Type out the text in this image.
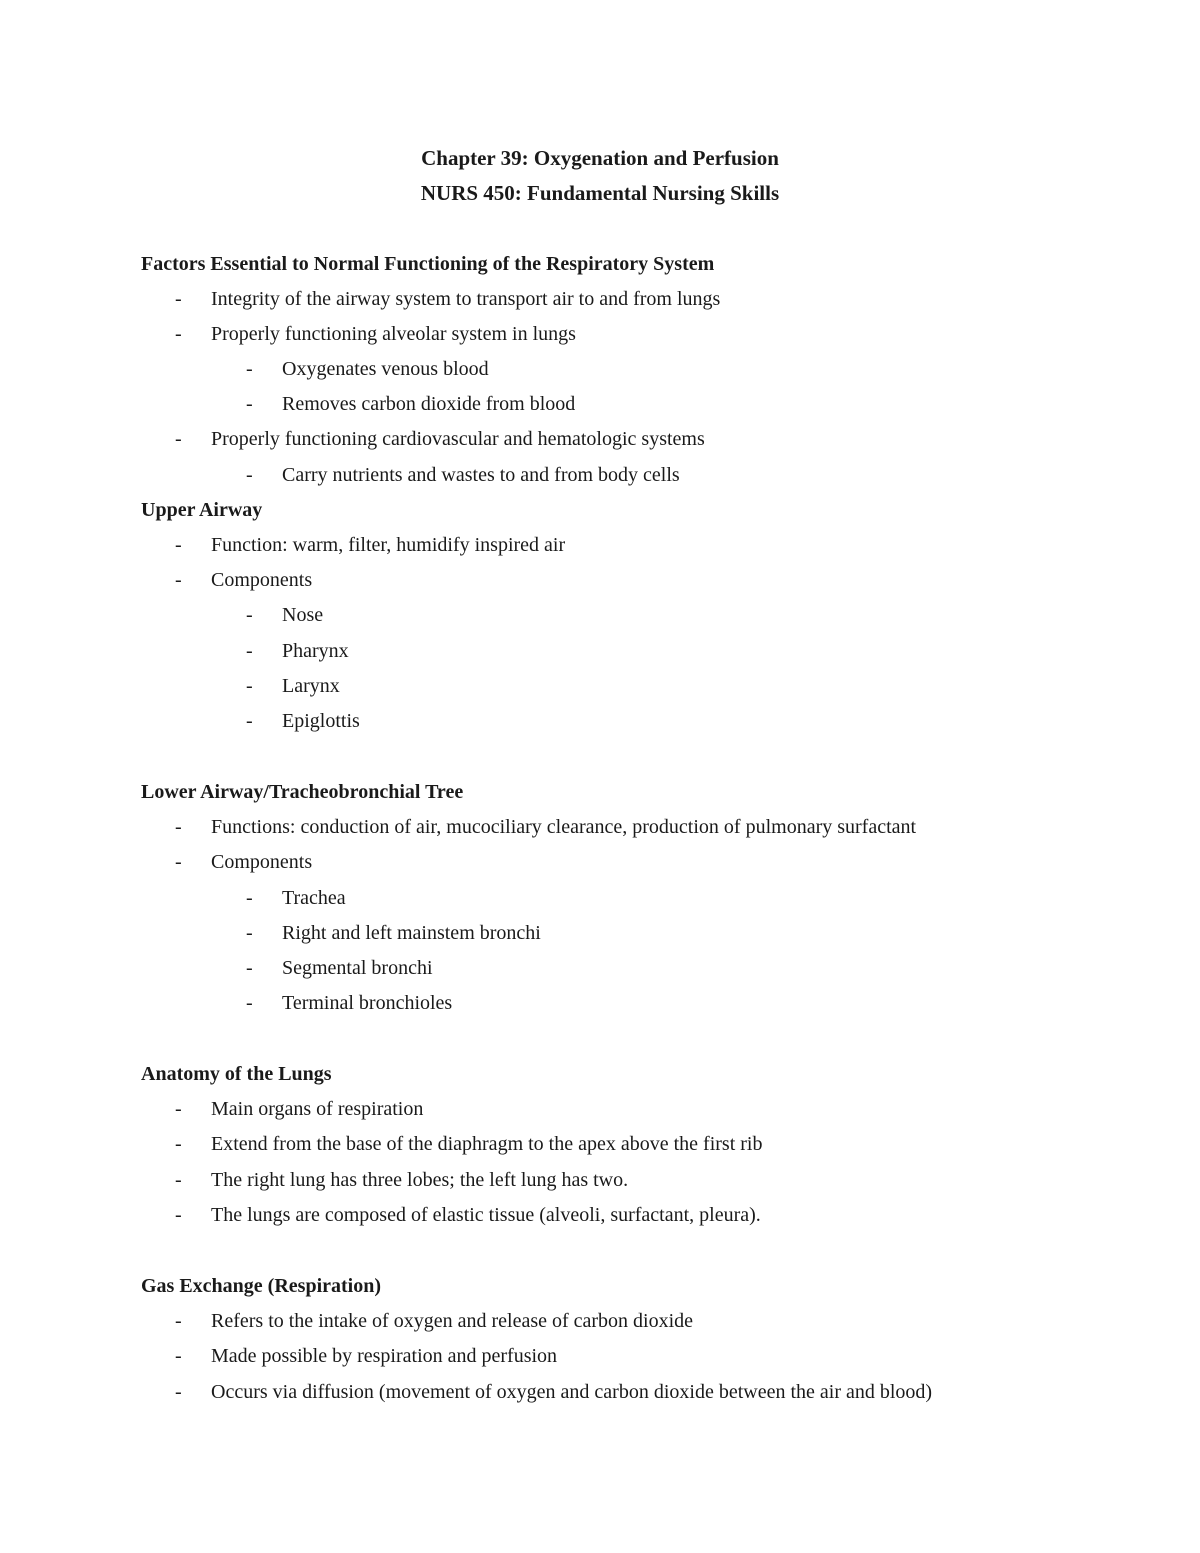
Chapter 39: Oxygenation and Perfusion
NURS 450: Fundamental Nursing Skills
Factors Essential to Normal Functioning of the Respiratory System
- Integrity of the airway system to transport air to and from lungs
- Properly functioning alveolar system in lungs
- Oxygenates venous blood
- Removes carbon dioxide from blood
- Properly functioning cardiovascular and hematologic systems
- Carry nutrients and wastes to and from body cells
Upper Airway
- Function: warm, filter, humidify inspired air
- Components
- Nose
- Pharynx
- Larynx
- Epiglottis
Lower Airway/Tracheobronchial Tree
- Functions: conduction of air, mucociliary clearance, production of pulmonary surfactant
- Components
- Trachea
- Right and left mainstem bronchi
- Segmental bronchi
- Terminal bronchioles
Anatomy of the Lungs
- Main organs of respiration
- Extend from the base of the diaphragm to the apex above the first rib
- The right lung has three lobes; the left lung has two.
- The lungs are composed of elastic tissue (alveoli, surfactant, pleura).
Gas Exchange (Respiration)
- Refers to the intake of oxygen and release of carbon dioxide
- Made possible by respiration and perfusion
- Occurs via diffusion (movement of oxygen and carbon dioxide between the air and blood)
